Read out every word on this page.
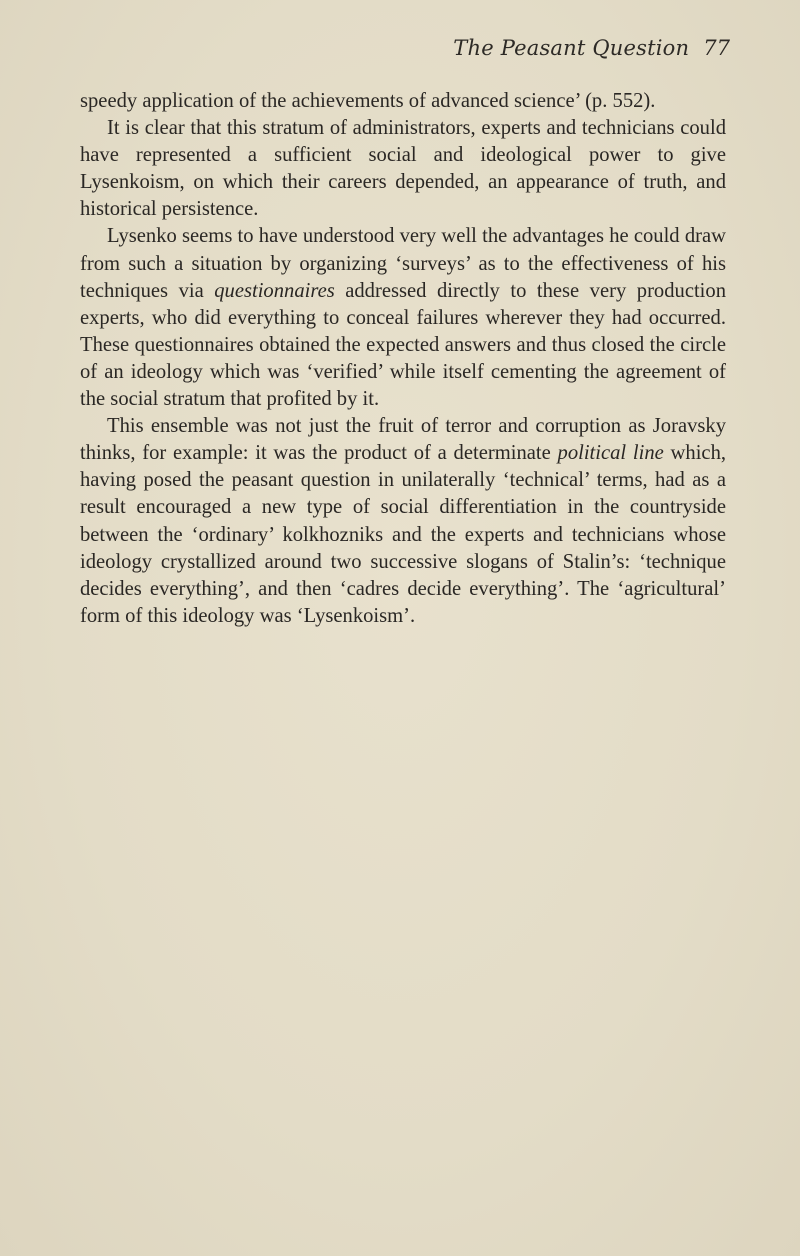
The Peasant Question 77

speedy application of the achievements of advanced science’ (p. 552).

It is clear that this stratum of administrators, experts and technicians could have represented a sufficient social and ideological power to give Lysenkoism, on which their careers depended, an appearance of truth, and historical persistence.

Lysenko seems to have understood very well the advantages he could draw from such a situation by organizing ‘surveys’ as to the effectiveness of his techniques via questionnaires addressed directly to these very production experts, who did everything to conceal failures wherever they had occurred. These questionnaires obtained the expected answers and thus closed the circle of an ideology which was ‘verified’ while itself cementing the agreement of the social stratum that profited by it.

This ensemble was not just the fruit of terror and corruption as Joravsky thinks, for example: it was the product of a determinate political line which, having posed the peasant question in unilaterally ‘technical’ terms, had as a result encouraged a new type of social differentiation in the countryside between the ‘ordinary’ kolkhozniks and the experts and technicians whose ideology crystallized around two successive slogans of Stalin’s: ‘technique decides everything’, and then ‘cadres decide everything’. The ‘agricultural’ form of this ideology was ‘Lysenkoism’.
